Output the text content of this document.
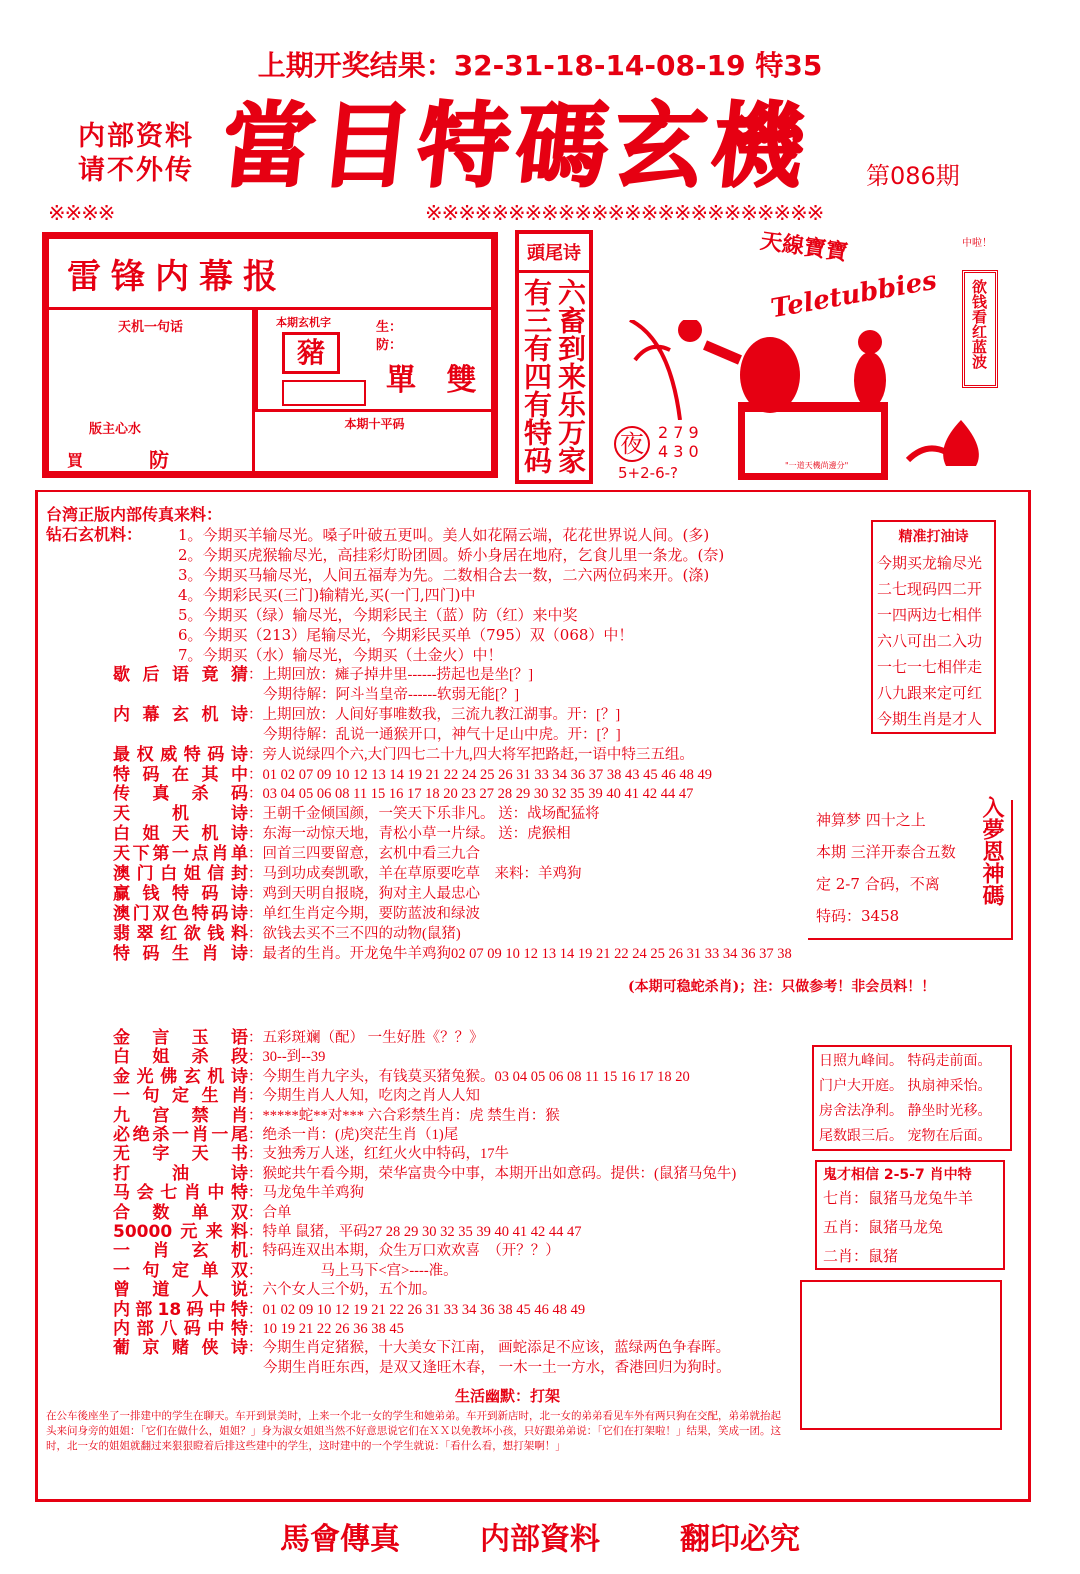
上期开奖结果：32-31-18-14-08-19 特35
内部资料
请不外传 當目特碼玄機 第086期
※※※※	※※※※※※※※※※※※※※※※※※※※※※※※
雷锋内幕报
天机一句话
版主心水
買	防
本期玄机字
豬
生：
防：
單 雙
本期十平码
頭尾诗
六畜到来乐万家
有三有四有特码
天線寶寶
Teletubbies
中啦！
欲钱看红蓝波
夜 2 7 9
4 3 0
5+2-6-?	"一道天機尚邊分"
台湾正版内部传真来料：
钻石玄机料： 1。今期买羊输尽光。嗓子叶破五更叫。美人如花隔云端，花花世界说人间。(多)
2。今期买虎猴输尽光，高挂彩灯盼团圆。娇小身居在地府，乞食儿里一条龙。(奈)
3。今期买马输尽光，人间五福寿为先。二数相合去一数，二六两位码来开。(涤)
4。今期彩民买(三门)输精光,买(一门,四门)中
5。今期买（绿）输尽光，今期彩民主（蓝）防（红）来中奖
6。今期买（213）尾输尽光，今期彩民买单（795）双（068）中！
7。今期买（水）输尽光，今期买（土金火）中！
歇后语竟猜 ： 上期回放：瘫子掉井里------捞起也是坐[？]
今期待解：阿斗当皇帝------软弱无能[？]
内幕玄机诗 ： 上期回放：人间好事唯数我，三流九教江湖事。开：[？]
今期待解：乱说一通猴开口，神气十足山中虎。开：[？]
最权威特码诗 ： 旁人说绿四个六,大门四七二十九,四大将军把路赶,一语中特三五组。
特码在其中 ： 01 02 07 09 10 12 13 14 19 21 22 24 25 26 31 33 34 36 37 38 43 45 46 48 49
传真杀码 ： 03 04 05 06 08 11 15 16 17 18 20 23 27 28 29 30 32 35 39 40 41 42 44 47
天机诗 ： 王朝千金倾国颜，一笑天下乐非凡。 送：战场配猛将
白姐天机诗 ： 东海一动惊天地，青松小草一片绿。 送：虎猴相
天下第一点肖单 ： 回首三四要留意，玄机中看三九合
澳门白姐信封 ： 马到功成奏凯歌，羊在草原要吃草　来料：羊鸡狗
赢钱特码诗 ： 鸡到天明自报晓，狗对主人最忠心
澳门双色特码诗 ： 单红生肖定今期，要防蓝波和绿波
翡翠红欲钱料 ： 欲钱去买不三不四的动物(鼠猪)
特码生肖诗 ： 最者的生肖。开龙兔牛羊鸡狗02 07 09 10 12 13 14 19 21 22 24 25 26 31 33 34 36 37 38
(本期可稳蛇杀肖)；注：只做参考！非会员料！！
金言玉语 ： 五彩斑斓（配） 一生好胜《？？》
白姐杀段 ： 30--到--39
金光佛玄机诗 ： 今期生肖九字头，有钱莫买猪兔猴。03 04 05 06 08 11 15 16 17 18 20
一句定生肖 ： 今期生肖人人知，吃肉之肖人人知
九宫禁肖 ： *****蛇**对*** 六合彩禁生肖：虎 禁生肖：猴
必绝杀一肖一尾 ： 绝杀一肖：(虎)突茫生肖（1)尾
无字天书 ： 支独秀万人迷，红红火火中特码，17牛
打油诗 ： 猴蛇共午看今期，荣华富贵今中事，本期开出如意码。提供：(鼠猪马兔牛)
马会七肖中特 ： 马龙兔牛羊鸡狗
合数单双 ： 合单
50000元来料 ： 特单 鼠猪，平码27 28 29 30 32 35 39 40 41 42 44 47
一肖玄机 ： 特码连双出本期，众生万口欢欢喜　（开？？）
一句定单双 ： 　　　　马上马下<宫>----准。
曾道人说 ： 六个女人三个奶，五个加。
内部18码中特 ： 01 02 09 10 12 19 21 22 26 31 33 34 36 38 45 46 48 49
内部八码中特 ： 10 19 21 22 26 36 38 45
葡京赌侠诗 ： 今期生肖定猪猴，十大美女下江南， 画蛇添足不应该，蓝绿两色争春晖。
今期生肖旺东西，是双又逢旺木春， 一木一土一方水，香港回归为狗时。
生活幽默：打架
在公车後座坐了一排建中的学生在聊天。车开到景美时，上来一个北一女的学生和她弟弟。车开到新店时，北一女的弟弟看见车外有两只狗在交配，弟弟就抬起头来问身旁的姐姐：「它们在做什么，姐姐？」身为淑女姐姐当然不好意思说它们在ＸＸ以免教坏小孩，只好跟弟弟说：「它们在打架啦！」结果，笑成一团。这时，北一女的姐姐就翻过来狠狠瞪着后排这些建中的学生，这时建中的一个学生就说：「看什么看，想打架啊！」
精准打油诗
今期买龙输尽光
二七现码四二开
一四两边七相伴
六八可出二入功
一七一七相伴走
八九跟来定可红
今期生肖是才人
神算梦 四十之上
本期 三洋开泰合五数
定 2-7 合码，不离
特码：3458
入夢恩神碼
日照九峰间。 特码走前面。
门户大开庭。 执扇神采怡。
房舍法净利。 静坐时光移。
尾数跟三后。 宠物在后面。
鬼才相信 2-5-7 肖中特
七肖：鼠猪马龙兔牛羊
五肖：鼠猪马龙兔
二肖：鼠猪
馬會傳真	内部資料	翻印必究
